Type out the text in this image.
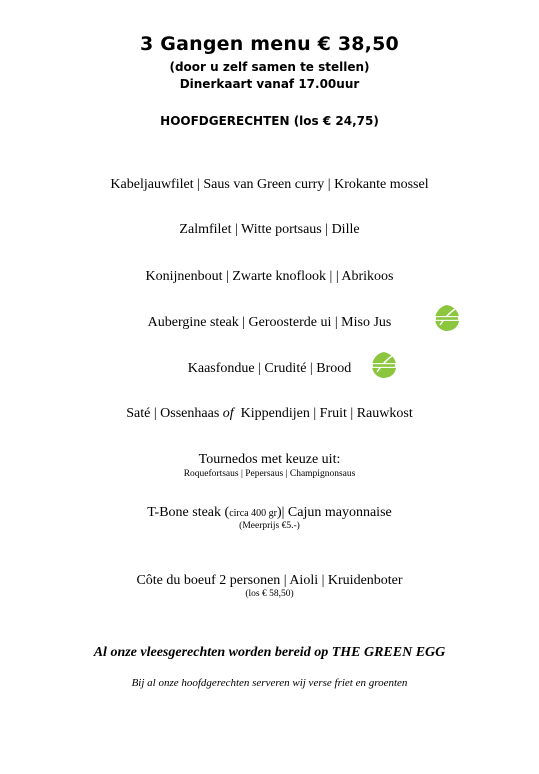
3 Gangen menu € 38,50
(door u zelf samen te stellen)
Dinerkaart vanaf 17.00uur
HOOFDGERECHTEN (los € 24,75)
Kabeljauwfilet | Saus van Green curry | Krokante mossel
Zalmfilet | Witte portsaus | Dille
Konijnenbout | Zwarte knoflook | | Abrikoos
Aubergine steak | Geroosterde ui | Miso Jus
Kaasfondue | Crudité | Brood
Saté | Ossenhaas of  Kippendijen | Fruit | Rauwkost
Tournedos met keuze uit:
Roquefortsaus | Pepersaus | Champignonsaus
T-Bone steak (circa 400 gr)| Cajun mayonnaise
(Meerprijs €5.-)
Côte du boeuf 2 personen | Aioli | Kruidenboter
(los € 58,50)
Al onze vleesgerechten worden bereid op THE GREEN EGG
Bij al onze hoofdgerechten serveren wij verse friet en groenten
